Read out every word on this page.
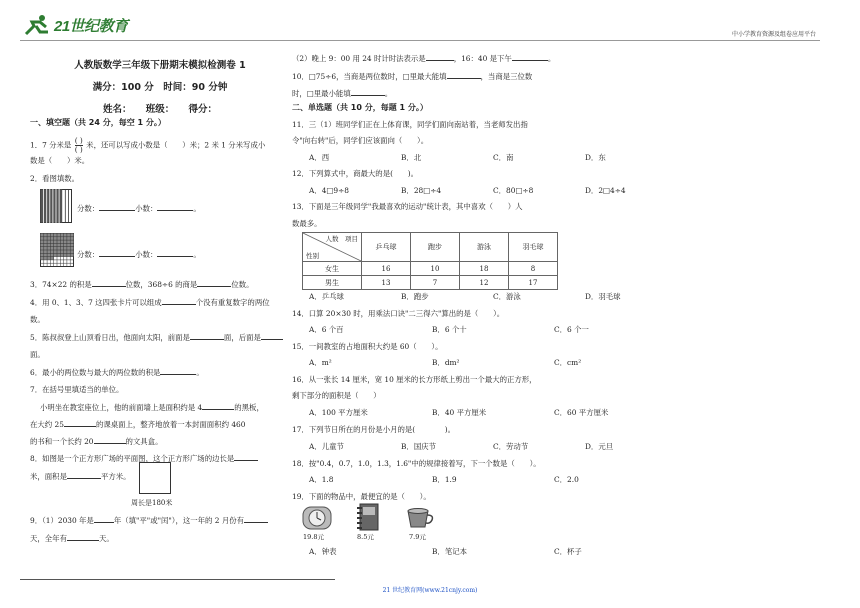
21世纪教育	中小学教育资源及组卷应用平台
人教版数学三年级下册期末模拟检测卷 1
满分：100 分　时间：90 分钟
姓名：　　班级：　　得分：
一、填空题（共 24 分，每空 1 分。）
1．7 分米是 ( )
( ) 米，还可以写成小数是（　　）米；2 米 1 分米写成小
数是（　　）米。
2．看图填数。
分数：	小数：	。
分数：	小数：	。
3．74×22 的积是	位数，368÷6 的商是	位数。
4．用 0、1、3、7 这四张卡片可以组成	个没有重复数字的两位
数。
5．陈叔叔登上山顶看日出，他面向太阳，前面是	面，后面是
面。
6．最小的两位数与最大的两位数的积是	。
7．在括号里填适当的单位。
小明坐在教室座位上，他的前面墙上是面积约是 4	的黑板，
在大约 25	的课桌面上，整齐地放着一本封面面积约 460
的书和一个长约 20	的文具盒。
8．如图是一个正方形广场的平面图，这个正方形广场的边长是
米，面积是	平方米。
周长是180米
9．（1）2030 年是	年（填"平"或"闰"），这一年的 2 月份有
天，全年有	天。
（2）晚上 9：00 用 24 时计时法表示是	，16：40 是下午	。
10．□75÷6，当商是两位数时，□里最大能填	，当商是三位数
时，□里最小能填	。
二、单选题（共 10 分，每题 1 分。）
11．三（1）班同学们正在上体育课，同学们面向南站着，当老师发出指
令"向右转"后，同学们应该面向（　　）。
A．西	B．北	C．南	D．东
12．下列算式中，商最大的是(　　)。
A．4□9÷8	B．28□÷4	C．80□÷8	D．2□4÷4
13．下面是三年级同学"我最喜欢的运动"统计表，其中喜欢（　　）人
数最多。
人数　项目
性别	乒乓球	跑步	游泳	羽毛球

女生	16	10	18	8
男生	13	7	12	17
A．乒乓球	B．跑步	C．游泳	D．羽毛球
14．口算 20×30 时，用乘法口诀"二三得六"算出的是（　　）。
A．6 个百	B．6 个十	C．6 个一
15．一间教室的占地面积大约是 60（　　）。
A．m²	B．dm²	C．cm²
16．从一张长 14 厘米，宽 10 厘米的长方形纸上剪出一个最大的正方形，
剩下部分的面积是（　　）
A．100 平方厘米	B．40 平方厘米	C．60 平方厘米
17．下列节日所在的月份是小月的是(　　　　)。
A．儿童节	B．国庆节	C．劳动节	D．元旦
18．按"0.4，0.7，1.0，1.3，1.6"中的规律接着写，下一个数是（　　）。
A．1.8	B．1.9	C．2.0
19．下面的物品中，最便宜的是（　　）。
19.8元	8.5元	7.9元
A．钟表	B．笔记本	C．杯子
21 世纪教育网(www.21cnjy.com)
